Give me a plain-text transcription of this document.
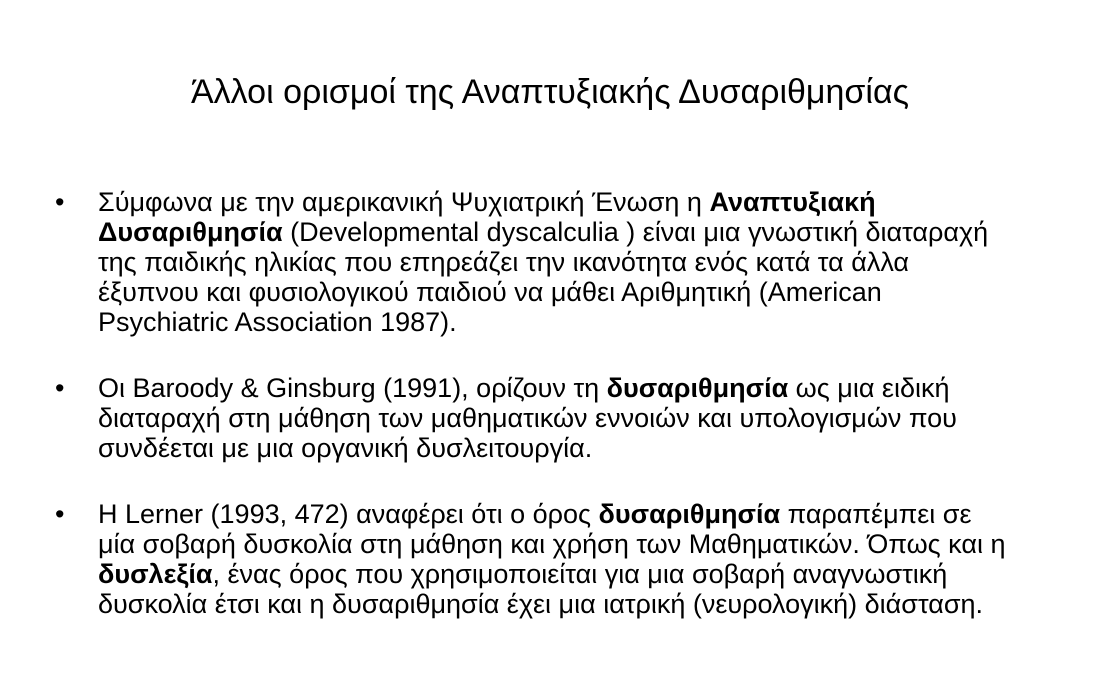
Άλλοι ορισμοί της Αναπτυξιακής Δυσαριθμησίας
•	Σύμφωνα με την αμερικανική Ψυχιατρική Ένωση η Αναπτυξιακή Δυσαριθμησία (Developmental dyscalculia ) είναι μια γνωστική διαταραχή της παιδικής ηλικίας που επηρεάζει την ικανότητα ενός κατά τα άλλα έξυπνου και φυσιολογικού παιδιού να μάθει Αριθμητική (American Psychiatric Association 1987).
•	Οι Baroody & Ginsburg (1991), ορίζουν τη δυσαριθμησία ως μια ειδική διαταραχή στη μάθηση των μαθηματικών εννοιών και υπολογισμών που συνδέεται με μια οργανική δυσλειτουργία.
•	Η Lerner (1993, 472) αναφέρει ότι ο όρος δυσαριθμησία παραπέμπει σε μία σοβαρή δυσκολία στη μάθηση και χρήση των Μαθηματικών. Όπως και η δυσλεξία, ένας όρος που χρησιμοποιείται για μια σοβαρή αναγνωστική δυσκολία έτσι και η δυσαριθμησία έχει μια ιατρική (νευρολογική) διάσταση.
